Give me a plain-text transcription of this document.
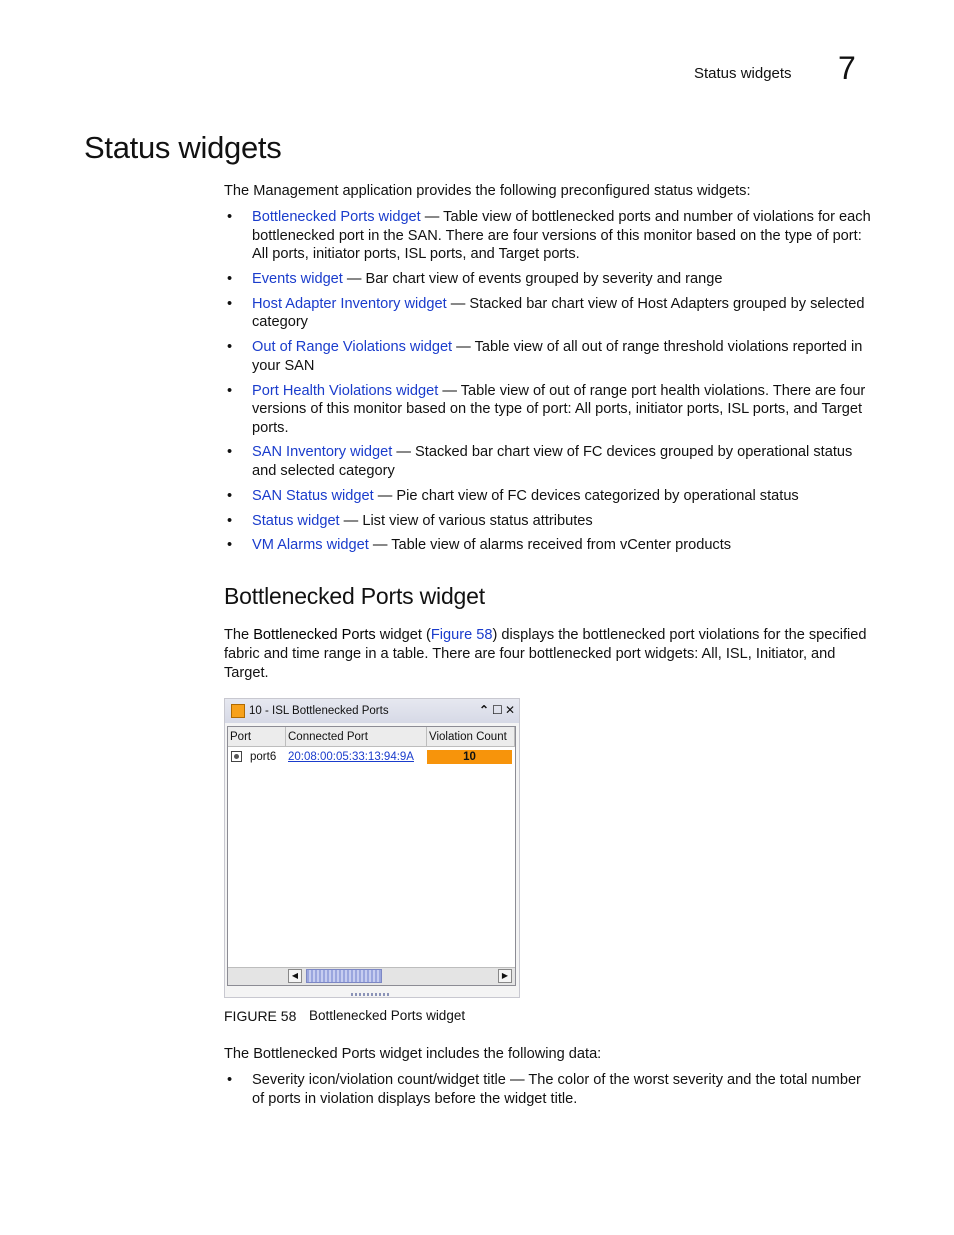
Status widgets 7
Status widgets
The Management application provides the following preconfigured status widgets:
• Bottlenecked Ports widget — Table view of bottlenecked ports and number of violations for each bottlenecked port in the SAN. There are four versions of this monitor based on the type of port: All ports, initiator ports, ISL ports, and Target ports.
• Events widget — Bar chart view of events grouped by severity and range
• Host Adapter Inventory widget — Stacked bar chart view of Host Adapters grouped by selected category
• Out of Range Violations widget — Table view of all out of range threshold violations reported in your SAN
• Port Health Violations widget — Table view of out of range port health violations. There are four versions of this monitor based on the type of port: All ports, initiator ports, ISL ports, and Target ports.
• SAN Inventory widget — Stacked bar chart view of FC devices grouped by operational status and selected category
• SAN Status widget — Pie chart view of FC devices categorized by operational status
• Status widget — List view of various status attributes
• VM Alarms widget — Table view of alarms received from vCenter products
Bottlenecked Ports widget
The Bottlenecked Ports widget (Figure 58) displays the bottlenecked port violations for the specified fabric and time range in a table. There are four bottlenecked port widgets: All, ISL, Initiator, and Target.
10 - ISL Bottlenecked Ports	⌃ ☐ ✕
Port	Connected Port	Violation Count
port6 20:08:00:05:33:13:94:9A	10
◀	▶
FIGURE 58 Bottlenecked Ports widget
The Bottlenecked Ports widget includes the following data:
• Severity icon/violation count/widget title — The color of the worst severity and the total number of ports in violation displays before the widget title.
